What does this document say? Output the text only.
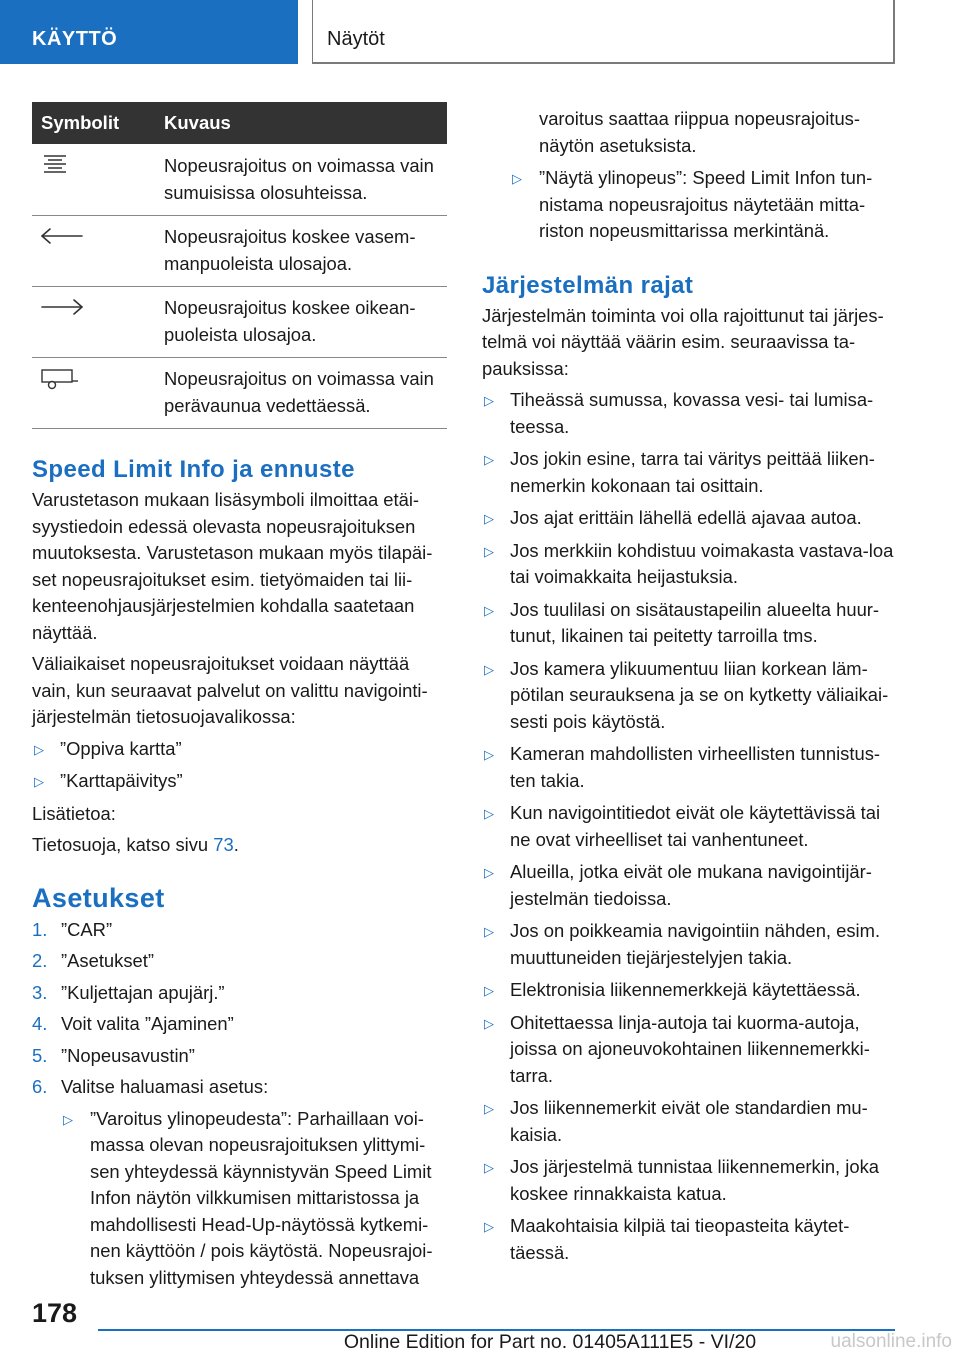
KÄYTTÖ	Näytöt
Symbolit	Kuvaus
	Nopeusrajoitus on voimassa vain sumuisissa olosuhteissa.
	Nopeusrajoitus koskee vasem-manpuoleista ulosajoa.
	Nopeusrajoitus koskee oikean-puoleista ulosajoa.
	Nopeusrajoitus on voimassa vain perävaunua vedettäessä.
Speed Limit Info ja ennuste

Varustetason mukaan lisäsymboli ilmoittaa etäi-syystiedoin edessä olevasta nopeusrajoituksen muutoksesta. Varustetason mukaan myös tilapäi-set nopeusrajoitukset esim. tietyömaiden tai lii-kenteenohjausjärjestelmien kohdalla saatetaan näyttää.

Väliaikaiset nopeusrajoitukset voidaan näyttää vain, kun seuraavat palvelut on valittu navigointi-järjestelmän tietosuojavalikossa:

▷ ”Oppiva kartta”
▷ ”Karttapäivitys”

Lisätietoa:

Tietosuoja, katso sivu 73.

Asetukset
1. ”CAR”
2. ”Asetukset”
3. ”Kuljettajan apujärj.”
4. Voit valita ”Ajaminen”
5. ”Nopeusavustin”
6. Valitse haluamasi asetus:
▷ ”Varoitus ylinopeudesta”: Parhaillaan voi-massa olevan nopeusrajoituksen ylittymi-sen yhteydessä käynnistyvän Speed Limit Infon näytön vilkkumisen mittaristossa ja mahdollisesti Head-Up-näytössä kytkemi-nen käyttöön / pois käytöstä. Nopeusrajoi-tuksen ylittymisen yhteydessä annettava
varoitus saattaa riippua nopeusrajoitus-näytön asetuksista.
▷ ”Näytä ylinopeus”: Speed Limit Infon tun-nistama nopeusrajoitus näytetään mitta-riston nopeusmittarissa merkintänä.
Järjestelmän rajat

Järjestelmän toiminta voi olla rajoittunut tai järjes-telmä voi näyttää väärin esim. seuraavissa ta-pauksissa:

▷ Tiheässä sumussa, kovassa vesi- tai lumisa-teessa.
▷ Jos jokin esine, tarra tai väritys peittää liiken-nemerkin kokonaan tai osittain.
▷ Jos ajat erittäin lähellä edellä ajavaa autoa.
▷ Jos merkkiin kohdistuu voimakasta vastava-loa tai voimakkaita heijastuksia.
▷ Jos tuulilasi on sisätaustapeilin alueelta huur-tunut, likainen tai peitetty tarroilla tms.
▷ Jos kamera ylikuumentuu liian korkean läm-pötilan seurauksena ja se on kytketty väliaikai-sesti pois käytöstä.
▷ Kameran mahdollisten virheellisten tunnistus-ten takia.
▷ Kun navigointitiedot eivät ole käytettävissä tai ne ovat virheelliset tai vanhentuneet.
▷ Alueilla, jotka eivät ole mukana navigointijär-jestelmän tiedoissa.
▷ Jos on poikkeamia navigointiin nähden, esim. muuttuneiden tiejärjestelyjen takia.
▷ Elektronisia liikennemerkkejä käytettäessä.
▷ Ohitettaessa linja-autoja tai kuorma-autoja, joissa on ajoneuvokohtainen liikennemerkki-tarra.
▷ Jos liikennemerkit eivät ole standardien mu-kaisia.
▷ Jos järjestelmä tunnistaa liikennemerkin, joka koskee rinnakkaista katua.
▷ Maakohtaisia kilpiä tai tieopasteita käytet-täessä.
178
Online Edition for Part no. 01405A111E5 - VI/20	ualsonline.info
